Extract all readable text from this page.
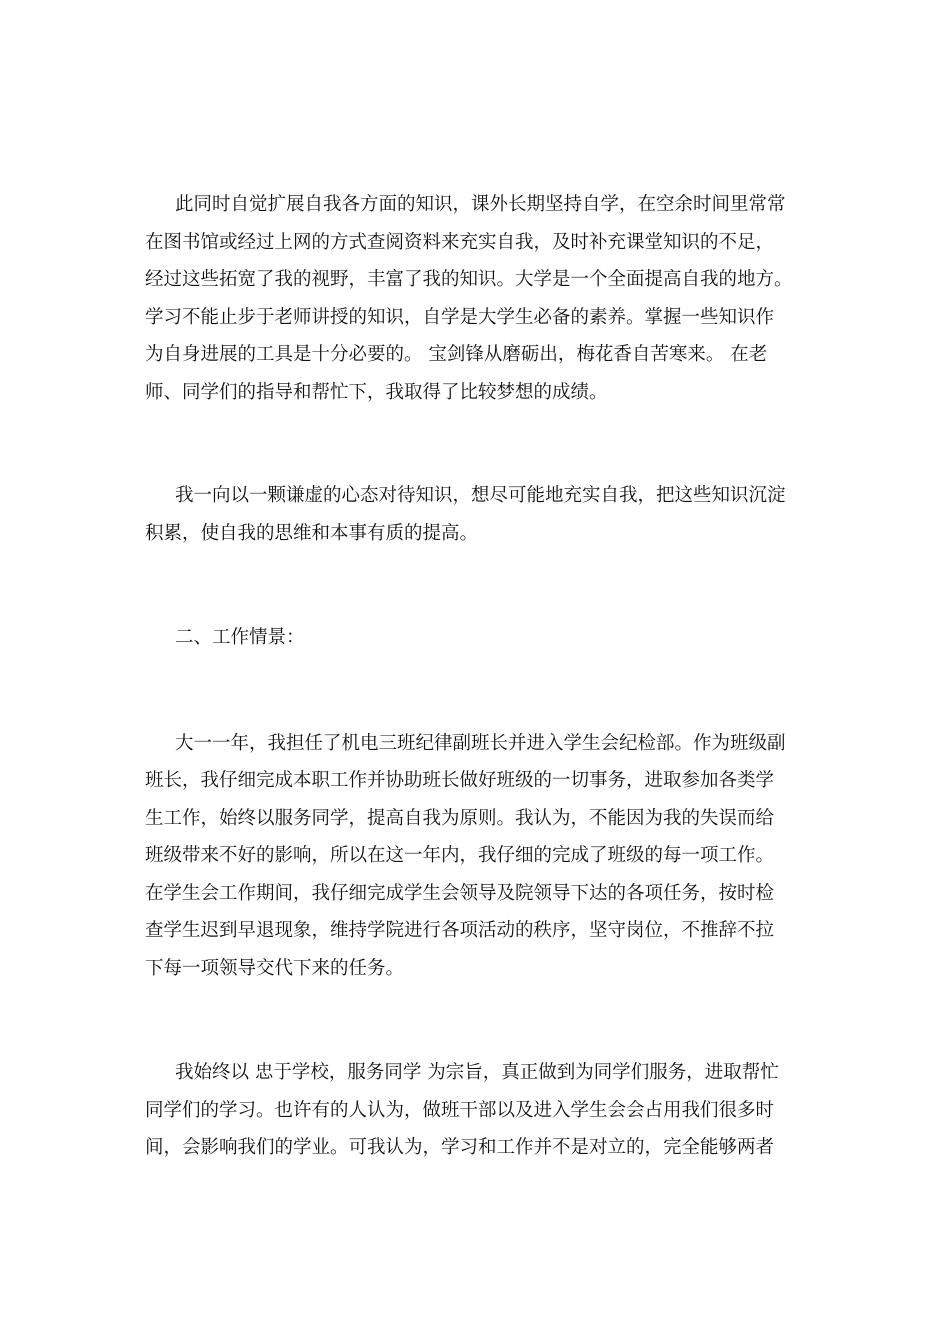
此同时自觉扩展自我各方面的知识，课外长期坚持自学，在空余时间里常常
在图书馆或经过上网的方式查阅资料来充实自我，及时补充课堂知识的不足，
经过这些拓宽了我的视野，丰富了我的知识。大学是一个全面提高自我的地方。
学习不能止步于老师讲授的知识，自学是大学生必备的素养。掌握一些知识作
为自身进展的工具是十分必要的。 宝剑锋从磨砺出，梅花香自苦寒来。 在老
师、同学们的指导和帮忙下，我取得了比较梦想的成绩。

我一向以一颗谦虚的心态对待知识，想尽可能地充实自我，把这些知识沉淀
积累，使自我的思维和本事有质的提高。

二、工作情景：

大一一年，我担任了机电三班纪律副班长并进入学生会纪检部。作为班级副
班长，我仔细完成本职工作并协助班长做好班级的一切事务，进取参加各类学
生工作，始终以服务同学，提高自我为原则。我认为，不能因为我的失误而给
班级带来不好的影响，所以在这一年内，我仔细的完成了班级的每一项工作。
在学生会工作期间，我仔细完成学生会领导及院领导下达的各项任务，按时检
查学生迟到早退现象，维持学院进行各项活动的秩序，坚守岗位，不推辞不拉
下每一项领导交代下来的任务。

我始终以 忠于学校，服务同学 为宗旨，真正做到为同学们服务，进取帮忙
同学们的学习。也许有的人认为，做班干部以及进入学生会会占用我们很多时
间，会影响我们的学业。可我认为，学习和工作并不是对立的，完全能够两者
